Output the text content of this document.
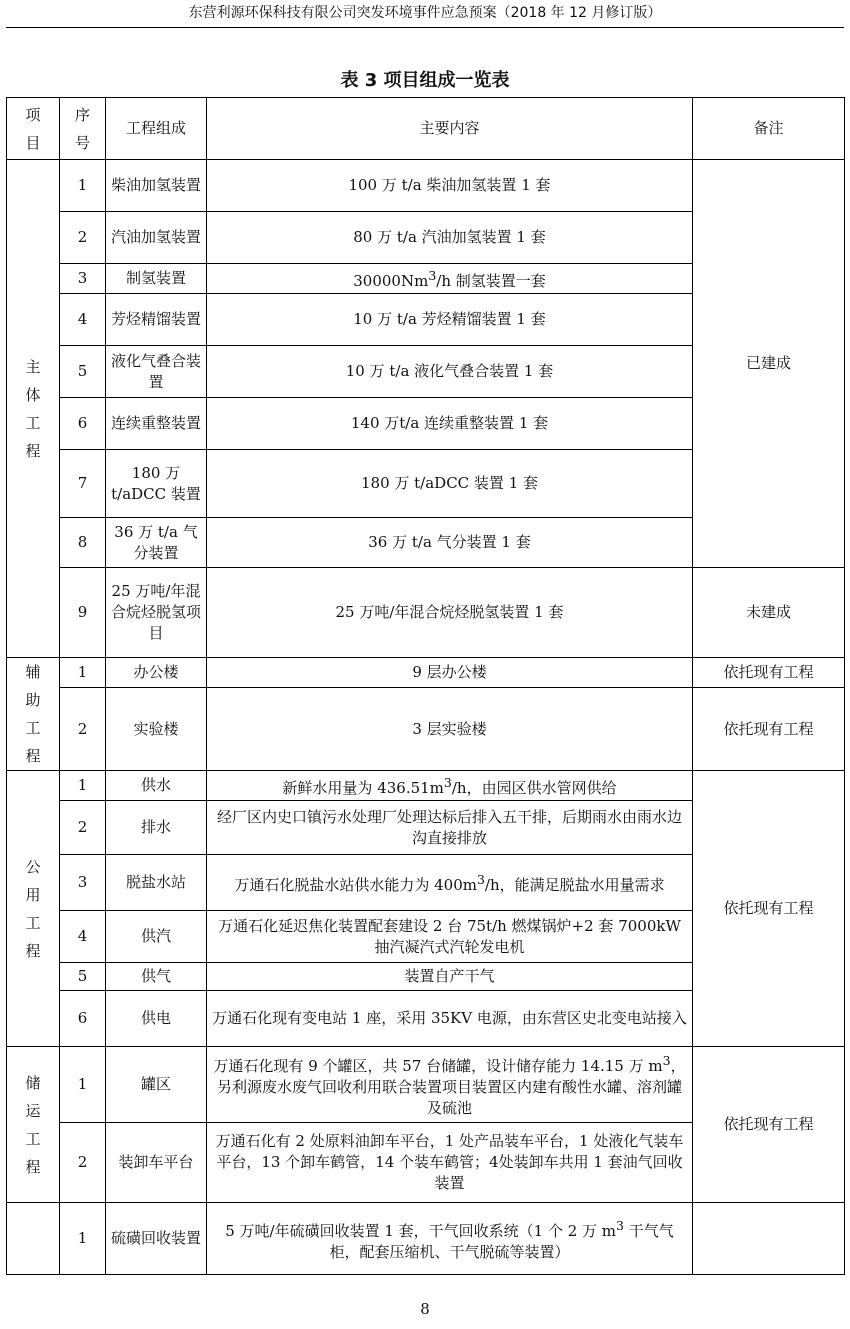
东营利源环保科技有限公司突发环境事件应急预案（2018 年 12 月修订版）
表 3 项目组成一览表
项目	序号	工程组成	主要内容	备注
主体工程	1	柴油加氢装置	100 万 t/a 柴油加氢装置 1 套	已建成
	2	汽油加氢装置	80 万 t/a 汽油加氢装置 1 套	
	3	制氢装置	30000Nm$^3$/h 制氢装置一套	
	4	芳烃精馏装置	10 万 t/a 芳烃精馏装置 1 套	
	5	液化气叠合装置	10 万 t/a 液化气叠合装置 1 套	
	6	连续重整装置	140 万t/a 连续重整装置 1 套	
	7	180 万 t/aDCC 装置	180 万 t/aDCC 装置 1 套	
	8	36 万 t/a 气分装置	36 万 t/a 气分装置 1 套	
	9	25 万吨/年混合烷烃脱氢项目	25 万吨/年混合烷烃脱氢装置 1 套	未建成
辅助工程	1	办公楼	9 层办公楼	依托现有工程
	2	实验楼	3 层实验楼	依托现有工程
公用工程	1	供水	新鲜水用量为 $436.51m^3/h$，由园区供水管网供给	依托现有工程
	2	排水	经厂区内史口镇污水处理厂处理达标后排入五干排，后期雨水由雨水边沟直接排放	
	3	脱盐水站	万通石化脱盐水站供水能力为 $400m^3/h$，能满足脱盐水用量需求	
	4	供汽	万通石化延迟焦化装置配套建设 2 台 75t/h 燃煤锅炉+2 套 7000kW 抽汽凝汽式汽轮发电机	
	5	供气	装置自产干气	
	6	供电	万通石化现有变电站 1 座，采用 35KV 电源，由东营区史北变电站接入	
储运工程	1	罐区	万通石化现有 9 个罐区，共 57 台储罐，设计储存能力 14.15 万 $m^3$，另利源废水废气回收利用联合装置项目装置区内建有酸性水罐、溶剂罐及硫池	依托现有工程
	2	装卸车平台	万通石化有 2 处原料油卸车平台，1 处产品装车平台，1 处液化气装车平台，13 个卸车鹤管，14 个装车鹤管；4处装卸车共用 1 套油气回收装置	
	1	硫磺回收装置	5 万吨/年硫磺回收装置 1 套，干气回收系统（1 个 2 万 $m^3$ 干气气柜，配套压缩机、干气脱硫等装置）	
8
